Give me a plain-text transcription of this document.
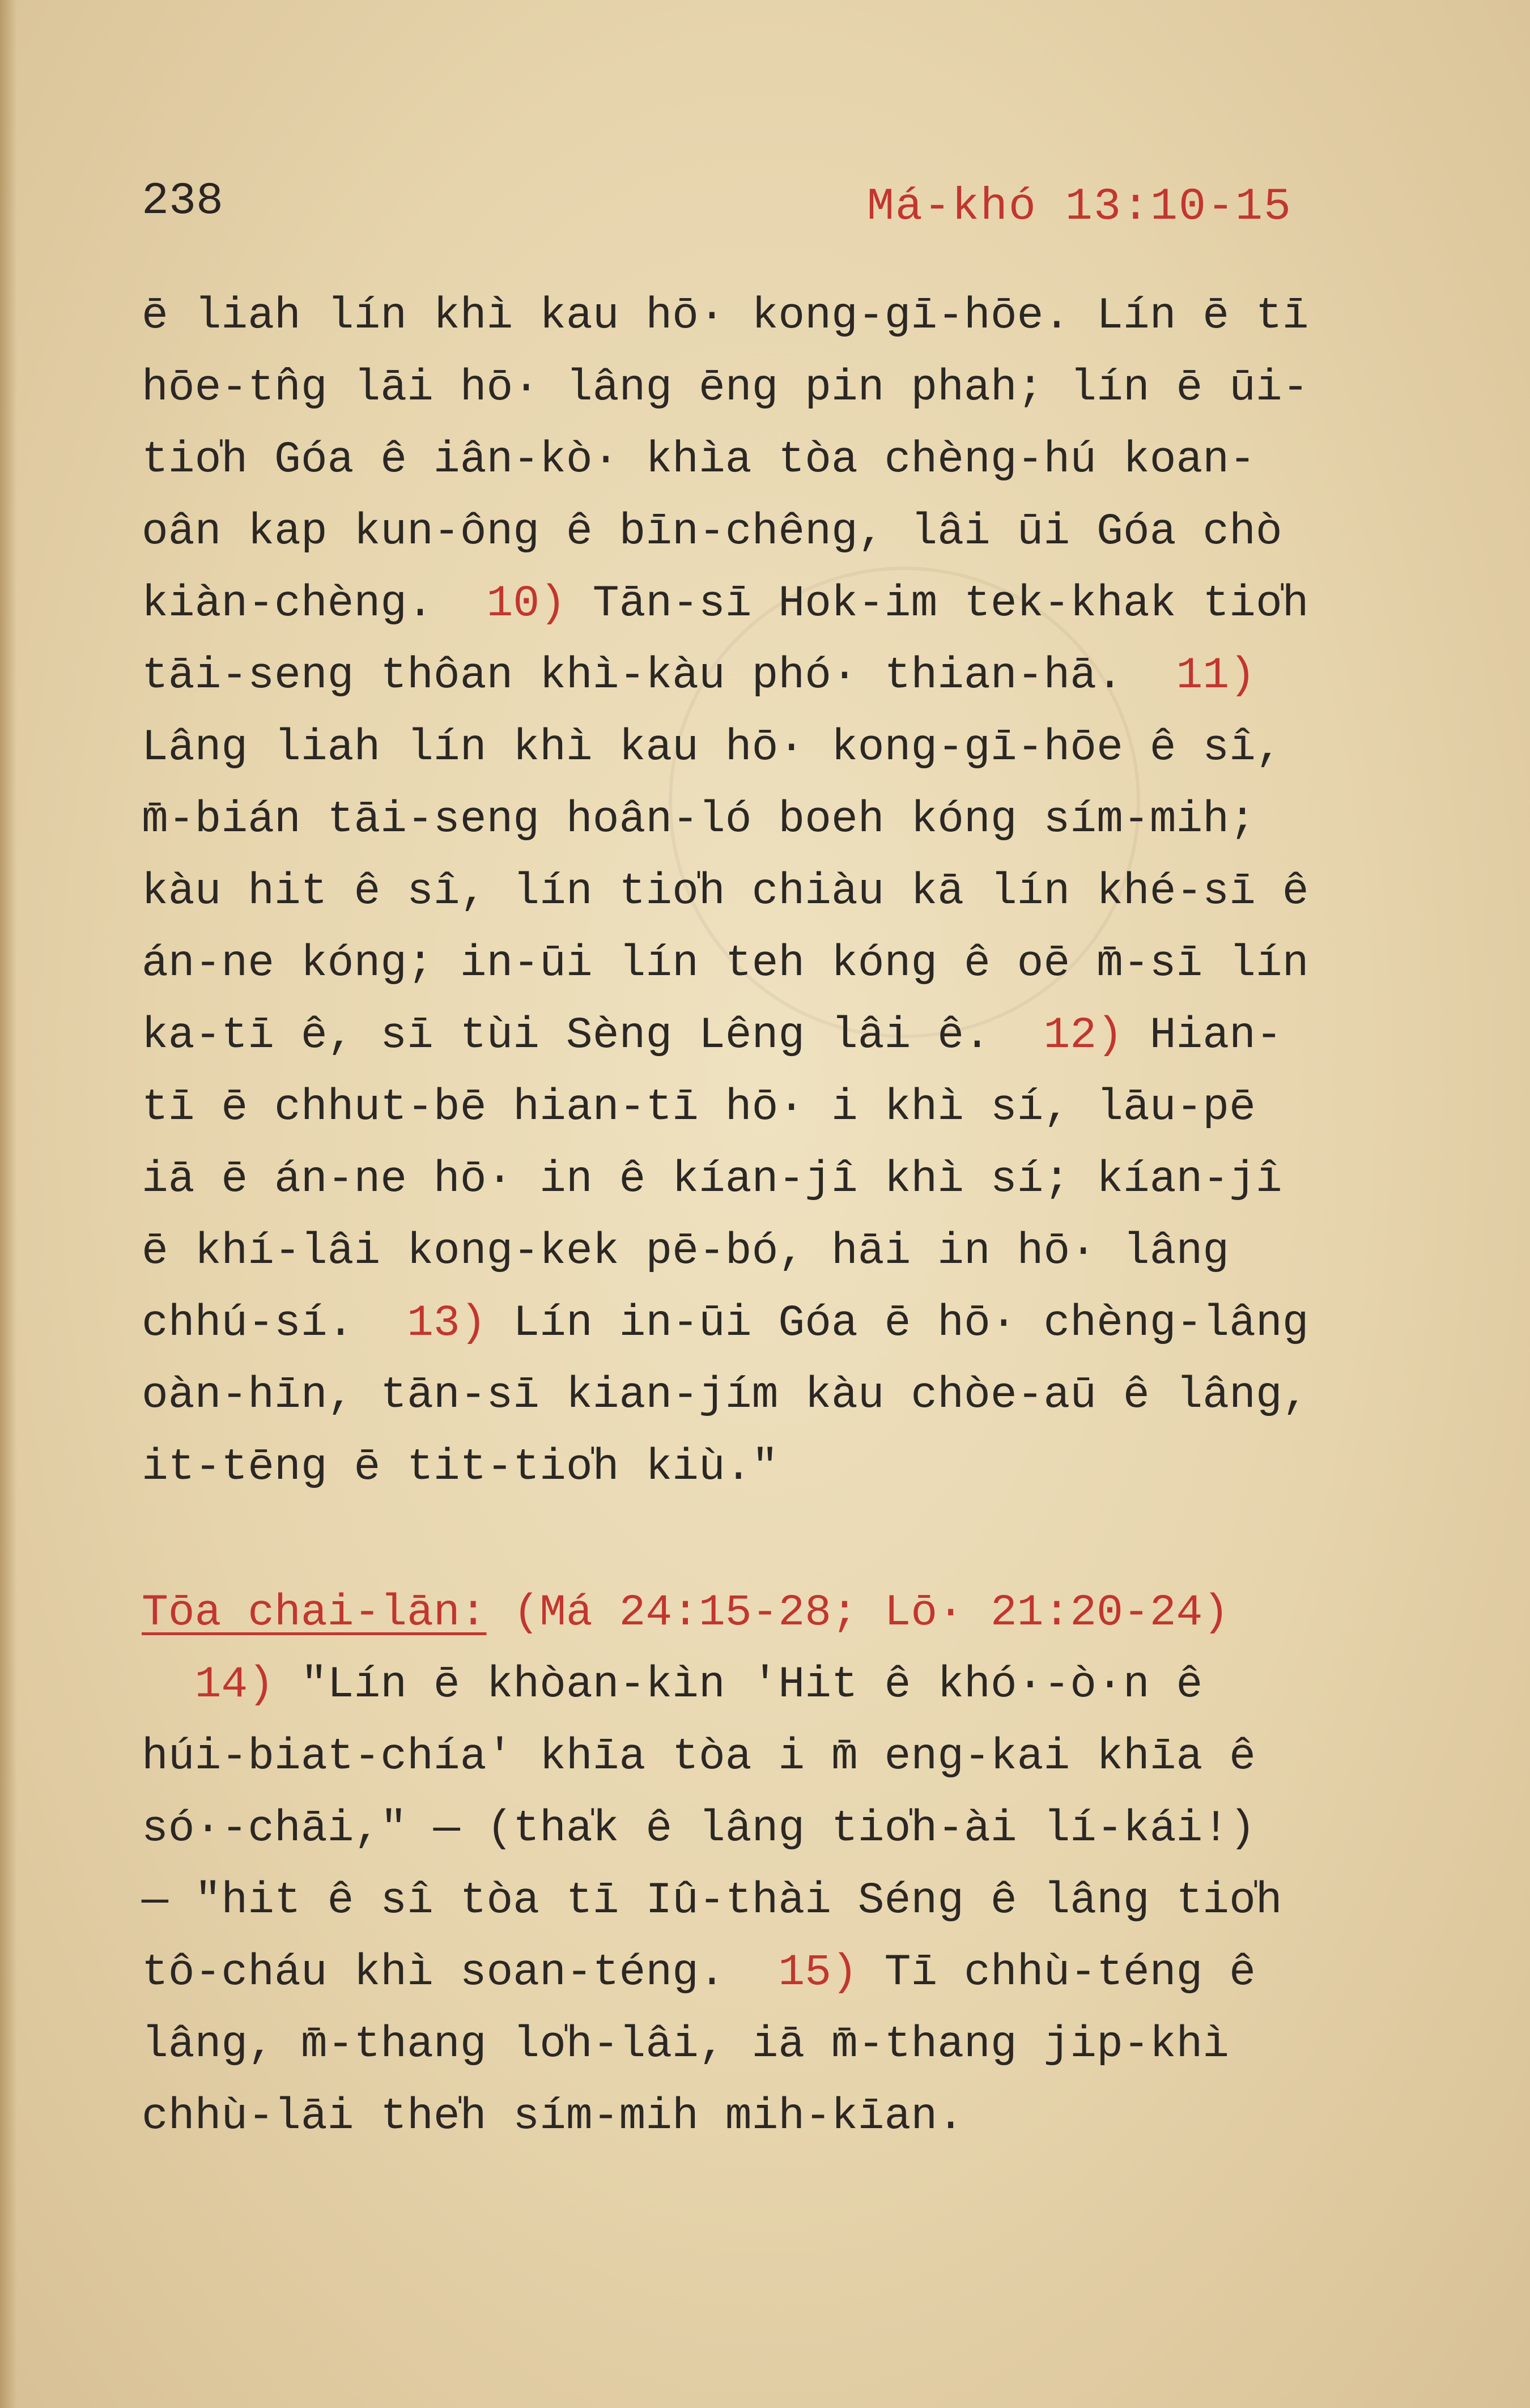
238	Má-khó 13:10-15
ē liah lín khì kau hō· kong-gī-hōe. Lín ē tī
hōe-tn̂g lāi hō· lâng ēng pin phah; lín ē ūi-
tio̍h Góa ê iân-kò· khìa tòa chèng-hú koan-
oân kap kun-ông ê bīn-chêng, lâi ūi Góa chò
kiàn-chèng. 10) Tān-sī Hok-im tek-khak tio̍h
tāi-seng thôan khì-kàu phó· thian-hā. 11)
Lâng liah lín khì kau hō· kong-gī-hōe ê sî,
m̄-bián tāi-seng hoân-ló boeh kóng sím-mih;
kàu hit ê sî, lín tio̍h chiàu kā lín khé-sī ê
án-ne kóng; in-ūi lín teh kóng ê oē m̄-sī lín
ka-tī ê, sī tùi Sèng Lêng lâi ê. 12) Hian-
tī ē chhut-bē hian-tī hō· i khì sí, lāu-pē
iā ē án-ne hō· in ê kían-jî khì sí; kían-jî
ē khí-lâi kong-kek pē-bó, hāi in hō· lâng
chhú-sí. 13) Lín in-ūi Góa ē hō· chèng-lâng
oàn-hīn, tān-sī kian-jím kàu chòe-aū ê lâng,
it-tēng ē tit-tio̍h kiù."
Tōa chai-lān: (Má 24:15-28; Lō· 21:20-24)
14) "Lín ē khòan-kìn 'Hit ê khó·-ò·n ê
húi-biat-chía' khīa tòa i m̄ eng-kai khīa ê
só·-chāi," — (tha̍k ê lâng tio̍h-ài lí-kái!)
— "hit ê sî tòa tī Iû-thài Séng ê lâng tio̍h
tô-cháu khì soan-téng. 15) Tī chhù-téng ê
lâng, m̄-thang lo̍h-lâi, iā m̄-thang jip-khì
chhù-lāi the̍h sím-mih mih-kīan.
